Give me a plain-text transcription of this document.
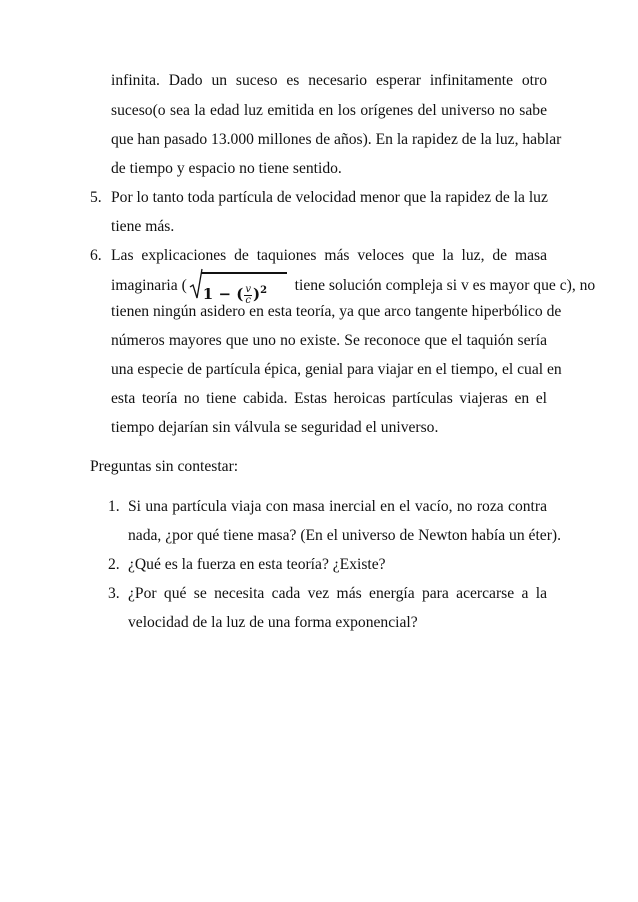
infinita. Dado un suceso es necesario esperar infinitamente otro
suceso(o sea la edad luz emitida en los orígenes del universo no sabe
que han pasado 13.000 millones de años). En la rapidez de la luz, hablar
de tiempo y espacio no tiene sentido.
5. Por lo tanto toda partícula de velocidad menor que la rapidez de la luz
tiene más.
6. Las explicaciones de taquiones más veloces que la luz, de masa
imaginaria ( 1 − ( $\frac{v}{c} )^2$ tiene solución compleja si v es mayor que c), no
tienen ningún asidero en esta teoría, ya que arco tangente hiperbólico de
números mayores que uno no existe. Se reconoce que el taquión sería
una especie de partícula épica, genial para viajar en el tiempo, el cual en
esta teoría no tiene cabida. Estas heroicas partículas viajeras en el
tiempo dejarían sin válvula se seguridad el universo.
Preguntas sin contestar:
1. Si una partícula viaja con masa inercial en el vacío, no roza contra
nada, ¿por qué tiene masa? (En el universo de Newton había un éter).
2. ¿Qué es la fuerza en esta teoría? ¿Existe?
3. ¿Por qué se necesita cada vez más energía para acercarse a la
velocidad de la luz de una forma exponencial?
